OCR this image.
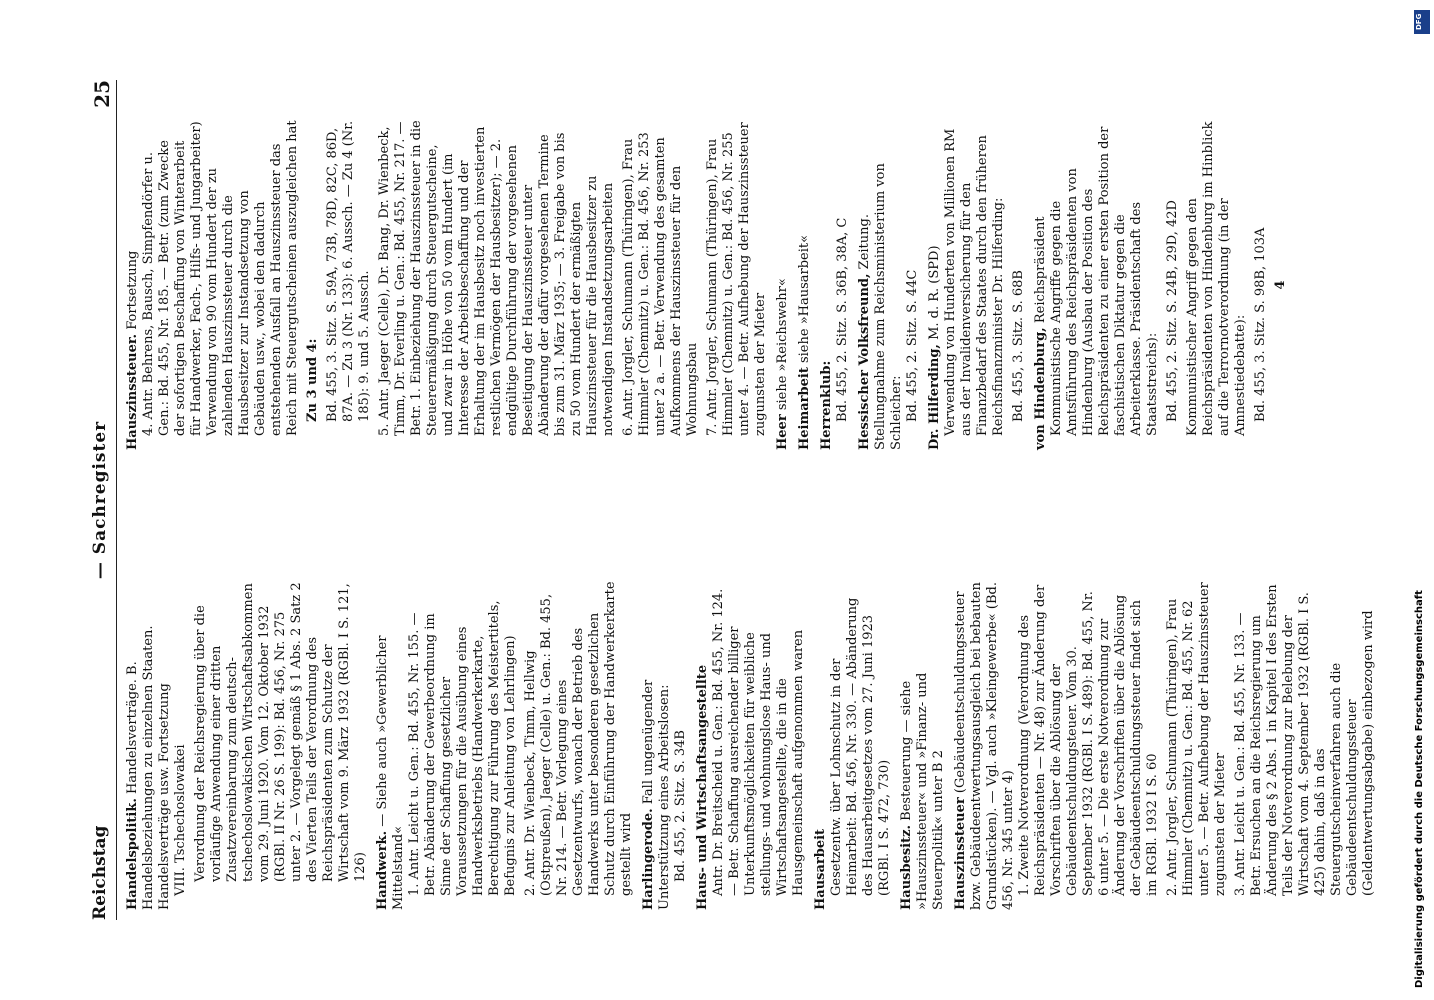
Reichstag
— Sachregister
25
Handelspolitik. Handelsverträge. B. Handelsbeziehungen zu einzelnen Staaten. Handelsverträge usw. Fortsetzung VIII. Tschechoslowakei Verordnung der Reichsregierung über die vorläufige Anwendung einer dritten Zusatzvereinbarung zum deutsch-tschechoslowakischen Wirtschaftsabkommen vom 29. Juni 1920. Vom 12. Oktober 1932 (RGBl. II Nr. 26 S. 199): Bd. 456, Nr. 275 unter 2. — Vorgelegt gemäß § 1 Abs. 2 Satz 2 des Vierten Teils der Verordnung des Reichspräsidenten zum Schutze der Wirtschaft vom 9. März 1932 (RGBl. I S. 121, 126) Handwerk. — Siehe auch »Gewerblicher Mittelstand« 1. Antr. Leicht u. Gen.: Bd. 455, Nr. 155. — Betr. Abänderung der Gewerbeordnung im Sinne der Schaffung gesetzlicher Voraussetzungen für die Ausübung eines Handwerksbetriebs (Handwerkerkarte, Berechtigung zur Führung des Meistertitels, Befugnis zur Anleitung von Lehrlingen) 2. Antr. Dr. Wienbeck, Timm, Hellwig (Ostpreußen), Jaeger (Celle) u. Gen.: Bd. 455, Nr. 214. — Betr. Vorlegung eines Gesetzentwurfs, wonach der Betrieb des Handwerks unter besonderen gesetzlichen Schutz durch Einführung der Handwerkerkarte gestellt wird Harlingerode. Fall ungenügender Unterstützung eines Arbeitslosen: Bd. 455, 2. Sitz. S. 34B Haus- und Wirtschaftsangestellte Antr. Dr. Breitscheid u. Gen.: Bd. 455, Nr. 124. — Betr. Schaffung ausreichender billiger Unterkunftsmöglichkeiten für weibliche stellungs- und wohnungslose Haus- und Wirtschaftsangestellte, die in die Hausgemeinschaft aufgenommen waren Hausarbeit Gesetzentw. über Lohnschutz in der Heimarbeit: Bd. 456, Nr. 330. — Abänderung des Hausarbeitgesetzes vom 27. Juni 1923 (RGBl. I S. 472, 730) Hausbesitz. Besteuerung — siehe »Hauszinssteuer« und »Finanz- und Steuerpolitik« unter B 2 Hauszinssteuer (Gebäudeentschuldungssteuer bzw. Gebäudeentwertungsausgleich bei bebauten Grundstücken). — Vgl. auch »Kleingewerbe« (Bd. 456, Nr. 345 unter 4) 1. Zweite Notverordnung (Verordnung des Reichspräsidenten — Nr. 48) zur Änderung der Vorschriften über die Ablösung der Gebäudeentschuldungsteuer. Vom 30. September 1932 (RGBl. I S. 489): Bd. 455, Nr. 6 unter 5. — Die erste Notverordnung zur Änderung der Vorschriften über die Ablösung der Gebäudeentschuldungssteuer findet sich im RGBl. 1932 I S. 60 2. Antr. Jorgler, Schumann (Thüringen), Frau Himmler (Chemnitz) u. Gen.: Bd. 455, Nr. 62 unter 5. — Betr. Aufhebung der Hauszinssteuer zugunsten der Mieter 3. Antr. Leicht u. Gen.: Bd. 455, Nr. 133. — Betr. Ersuchen an die Reichsregierung um Änderung des § 2 Abs. 1 in Kapitel I des Ersten Teils der Notverordnung zur Belebung der Wirtschaft vom 4. September 1932 (RGBl. I S. 425) dahin, daß in das Steuergutscheinverfahren auch die Gebäudeentschuldungssteuer (Geldentwertungsabgabe) einbezogen wird
Hauszinssteuer. Fortsetzung 4. Antr. Behrens, Bausch, Simpfendörfer u. Gen.: Bd. 455, Nr. 185. — Betr. (zum Zwecke der sofortigen Beschaffung von Winterarbeit für Handwerker, Fach-, Hilfs- und Jungarbeiter) Verwendung von 90 vom Hundert der zu zahlenden Hauszinssteuer durch die Hausbesitzer zur Instandsetzung von Gebäuden usw., wobei den dadurch entstehenden Ausfall an Hauszinssteuer das Reich mit Steuergutscheinen auszugleichen hat Zu 3 und 4: Bd. 455, 3. Sitz. S. 59A, 73B, 78D, 82C, 86D, 87A. — Zu 3 (Nr. 133): 6. Aussch. — Zu 4 (Nr. 185): 9. und 5. Aussch. 5. Antr. Jaeger (Celle), Dr. Bang, Dr. Wienbeck, Timm, Dr. Everling u. Gen.: Bd. 455, Nr. 217. — Betr. 1. Einbeziehung der Hauszinssteuer in die Steuerermäßigung durch Steuergutscheine, und zwar in Höhe von 50 vom Hundert (im Interesse der Arbeitsbeschaffung und der Erhaltung der im Hausbesitz noch investierten restlichen Vermögen der Hausbesitzer); — 2. endgültige Durchführung der vorgesehenen Beseitigung der Hauszinssteuer unter Abänderung der dafür vorgesehenen Termine bis zum 31. März 1935; — 3. Freigabe von bis zu 50 vom Hundert der ermäßigten Hauszinssteuer für die Hausbesitzer zu notwendigen Instandsetzungsarbeiten 6. Antr. Jorgler, Schumann (Thüringen), Frau Himmler (Chemnitz) u. Gen.: Bd. 456, Nr. 253 unter 2 a. — Betr. Verwendung des gesamten Aufkommens der Hauszinssteuer für den Wohnungsbau 7. Antr. Jorgler, Schumann (Thüringen), Frau Himmler (Chemnitz) u. Gen.: Bd. 456, Nr. 255 unter 4. — Betr. Aufhebung der Hauszinssteuer zugunsten der Mieter Heer siehe »Reichswehr« Heimarbeit siehe »Hausarbeit«
Herrenklub: Bd. 455, 2. Sitz. S. 36B, 38A, C Hessischer Volksfreund, Zeitung. Stellungnahme zum Reichsministerium von Schleicher: Bd. 455, 2. Sitz. S. 44C Dr. Hilferding, M. d. R. (SPD) Verwendung von Hunderten von Millionen RM aus der Invalidenversicherung für den Finanzbedarf des Staates durch den früheren Reichsfinanzminister Dr. Hilferding: Bd. 455, 3. Sitz. S. 68B von Hindenburg, Reichspräsident Kommunistische Angriffe gegen die Amtsführung des Reichspräsidenten von Hindenburg (Ausbau der Position des Reichspräsidenten zu einer ersten Position der faschistischen Diktatur gegen die Arbeiterklasse. Präsidentschaft des Staatsstreichs): Bd. 455, 2. Sitz. S. 24B, 29D, 42D Kommunistischer Angriff gegen den Reichspräsidenten von Hindenburg im Hinblick auf die Terrornotverordnung (in der Amnestiedebatte): Bd. 455, 3. Sitz. S. 98B, 103A 4
DFG
Digitalisierung gefördert durch die Deutsche Forschungsgemeinschaft
